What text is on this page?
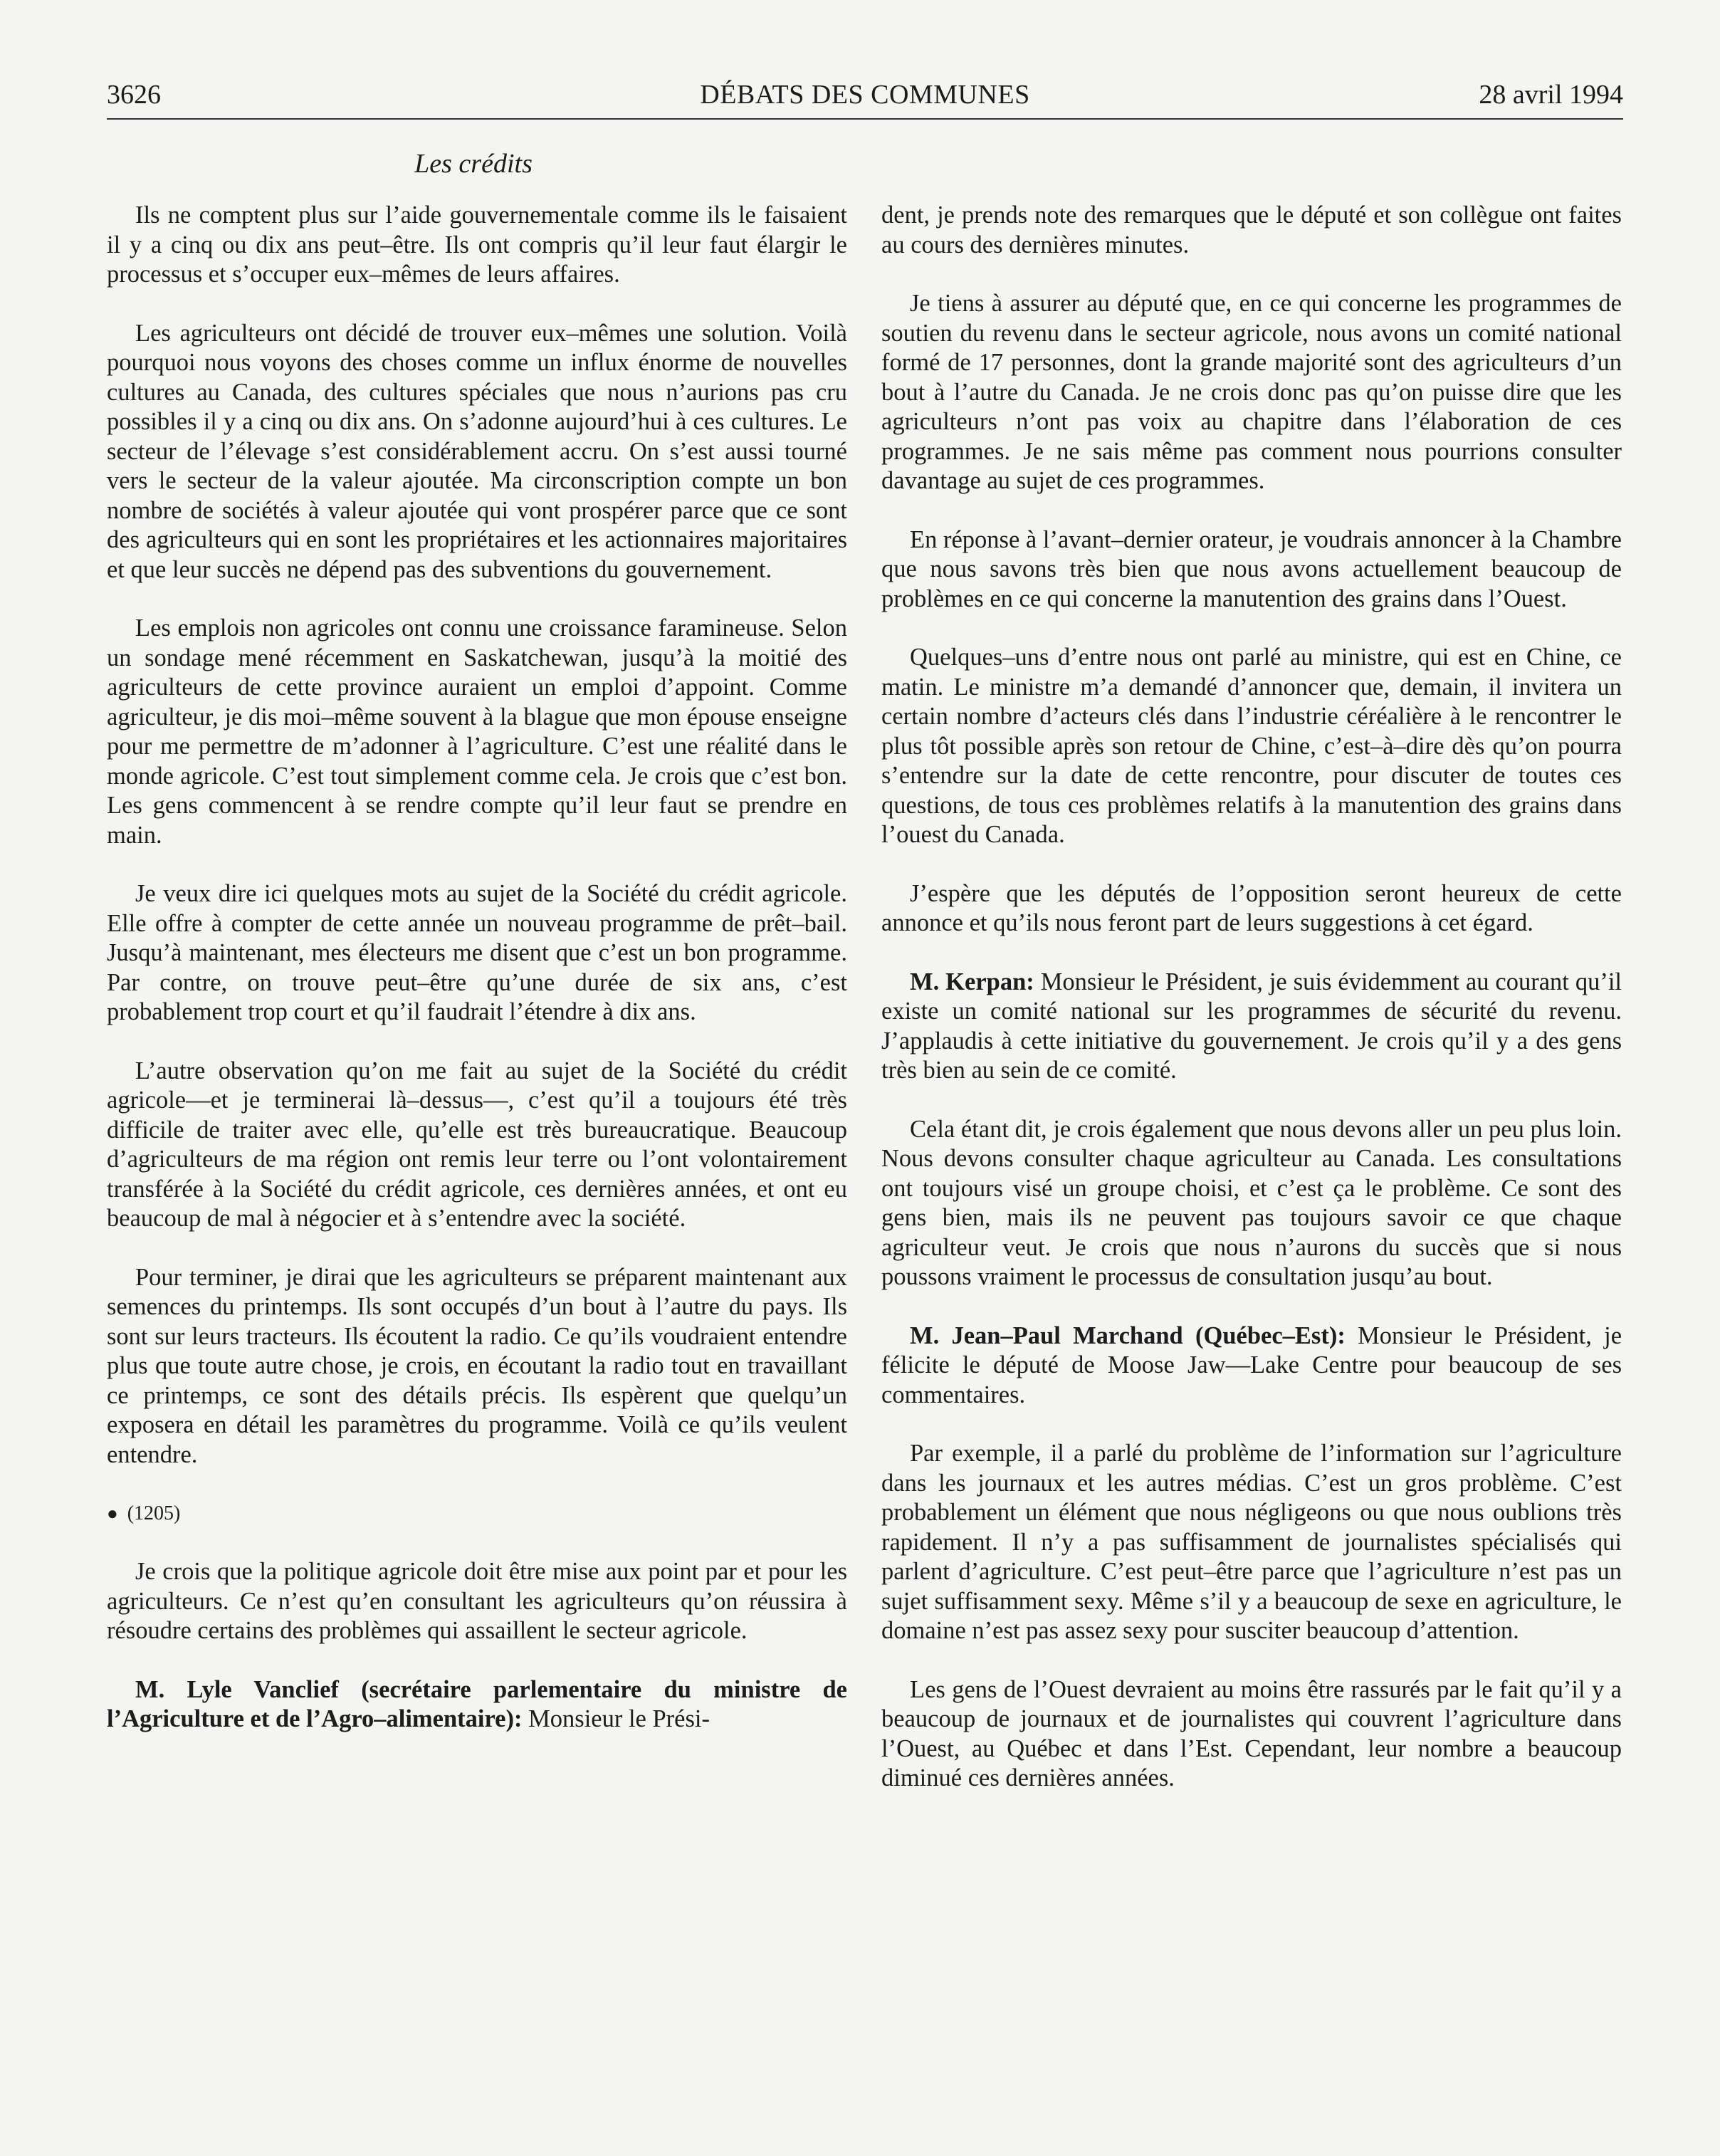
3626	DÉBATS DES COMMUNES	28 avril 1994
Les crédits

Ils ne comptent plus sur l’aide gouvernementale comme ils le faisaient il y a cinq ou dix ans peut–être. Ils ont compris qu’il leur faut élargir le processus et s’occuper eux–mêmes de leurs affaires.

Les agriculteurs ont décidé de trouver eux–mêmes une solution. Voilà pourquoi nous voyons des choses comme un influx énorme de nouvelles cultures au Canada, des cultures spéciales que nous n’aurions pas cru possibles il y a cinq ou dix ans. On s’adonne aujourd’hui à ces cultures. Le secteur de l’élevage s’est considérablement accru. On s’est aussi tourné vers le secteur de la valeur ajoutée. Ma circonscription compte un bon nombre de sociétés à valeur ajoutée qui vont prospérer parce que ce sont des agriculteurs qui en sont les propriétaires et les actionnaires majoritaires et que leur succès ne dépend pas des subventions du gouvernement.

Les emplois non agricoles ont connu une croissance faramineuse. Selon un sondage mené récemment en Saskatchewan, jusqu’à la moitié des agriculteurs de cette province auraient un emploi d’appoint. Comme agriculteur, je dis moi–même souvent à la blague que mon épouse enseigne pour me permettre de m’adonner à l’agriculture. C’est une réalité dans le monde agricole. C’est tout simplement comme cela. Je crois que c’est bon. Les gens commencent à se rendre compte qu’il leur faut se prendre en main.

Je veux dire ici quelques mots au sujet de la Société du crédit agricole. Elle offre à compter de cette année un nouveau programme de prêt–bail. Jusqu’à maintenant, mes électeurs me disent que c’est un bon programme. Par contre, on trouve peut–être qu’une durée de six ans, c’est probablement trop court et qu’il faudrait l’étendre à dix ans.

L’autre observation qu’on me fait au sujet de la Société du crédit agricole—et je terminerai là–dessus—, c’est qu’il a toujours été très difficile de traiter avec elle, qu’elle est très bureaucratique. Beaucoup d’agriculteurs de ma région ont remis leur terre ou l’ont volontairement transférée à la Société du crédit agricole, ces dernières années, et ont eu beaucoup de mal à négocier et à s’entendre avec la société.

Pour terminer, je dirai que les agriculteurs se préparent maintenant aux semences du printemps. Ils sont occupés d’un bout à l’autre du pays. Ils sont sur leurs tracteurs. Ils écoutent la radio. Ce qu’ils voudraient entendre plus que toute autre chose, je crois, en écoutant la radio tout en travaillant ce printemps, ce sont des détails précis. Ils espèrent que quelqu’un exposera en détail les paramètres du programme. Voilà ce qu’ils veulent entendre.

● (1205)

Je crois que la politique agricole doit être mise aux point par et pour les agriculteurs. Ce n’est qu’en consultant les agriculteurs qu’on réussira à résoudre certains des problèmes qui assaillent le secteur agricole.

M. Lyle Vanclief (secrétaire parlementaire du ministre de l’Agriculture et de l’Agro–alimentaire): Monsieur le Prési-

dent, je prends note des remarques que le député et son collègue ont faites au cours des dernières minutes.

Je tiens à assurer au député que, en ce qui concerne les programmes de soutien du revenu dans le secteur agricole, nous avons un comité national formé de 17 personnes, dont la grande majorité sont des agriculteurs d’un bout à l’autre du Canada. Je ne crois donc pas qu’on puisse dire que les agriculteurs n’ont pas voix au chapitre dans l’élaboration de ces programmes. Je ne sais même pas comment nous pourrions consulter davantage au sujet de ces programmes.

En réponse à l’avant–dernier orateur, je voudrais annoncer à la Chambre que nous savons très bien que nous avons actuellement beaucoup de problèmes en ce qui concerne la manutention des grains dans l’Ouest.

Quelques–uns d’entre nous ont parlé au ministre, qui est en Chine, ce matin. Le ministre m’a demandé d’annoncer que, demain, il invitera un certain nombre d’acteurs clés dans l’industrie céréalière à le rencontrer le plus tôt possible après son retour de Chine, c’est–à–dire dès qu’on pourra s’entendre sur la date de cette rencontre, pour discuter de toutes ces questions, de tous ces problèmes relatifs à la manutention des grains dans l’ouest du Canada.

J’espère que les députés de l’opposition seront heureux de cette annonce et qu’ils nous feront part de leurs suggestions à cet égard.

M. Kerpan: Monsieur le Président, je suis évidemment au courant qu’il existe un comité national sur les programmes de sécurité du revenu. J’applaudis à cette initiative du gouvernement. Je crois qu’il y a des gens très bien au sein de ce comité.

Cela étant dit, je crois également que nous devons aller un peu plus loin. Nous devons consulter chaque agriculteur au Canada. Les consultations ont toujours visé un groupe choisi, et c’est ça le problème. Ce sont des gens bien, mais ils ne peuvent pas toujours savoir ce que chaque agriculteur veut. Je crois que nous n’aurons du succès que si nous poussons vraiment le processus de consultation jusqu’au bout.

M. Jean–Paul Marchand (Québec–Est): Monsieur le Président, je félicite le député de Moose Jaw—Lake Centre pour beaucoup de ses commentaires.

Par exemple, il a parlé du problème de l’information sur l’agriculture dans les journaux et les autres médias. C’est un gros problème. C’est probablement un élément que nous négligeons ou que nous oublions très rapidement. Il n’y a pas suffisamment de journalistes spécialisés qui parlent d’agriculture. C’est peut–être parce que l’agriculture n’est pas un sujet suffisamment sexy. Même s’il y a beaucoup de sexe en agriculture, le domaine n’est pas assez sexy pour susciter beaucoup d’attention.

Les gens de l’Ouest devraient au moins être rassurés par le fait qu’il y a beaucoup de journaux et de journalistes qui couvrent l’agriculture dans l’Ouest, au Québec et dans l’Est. Cependant, leur nombre a beaucoup diminué ces dernières années.
